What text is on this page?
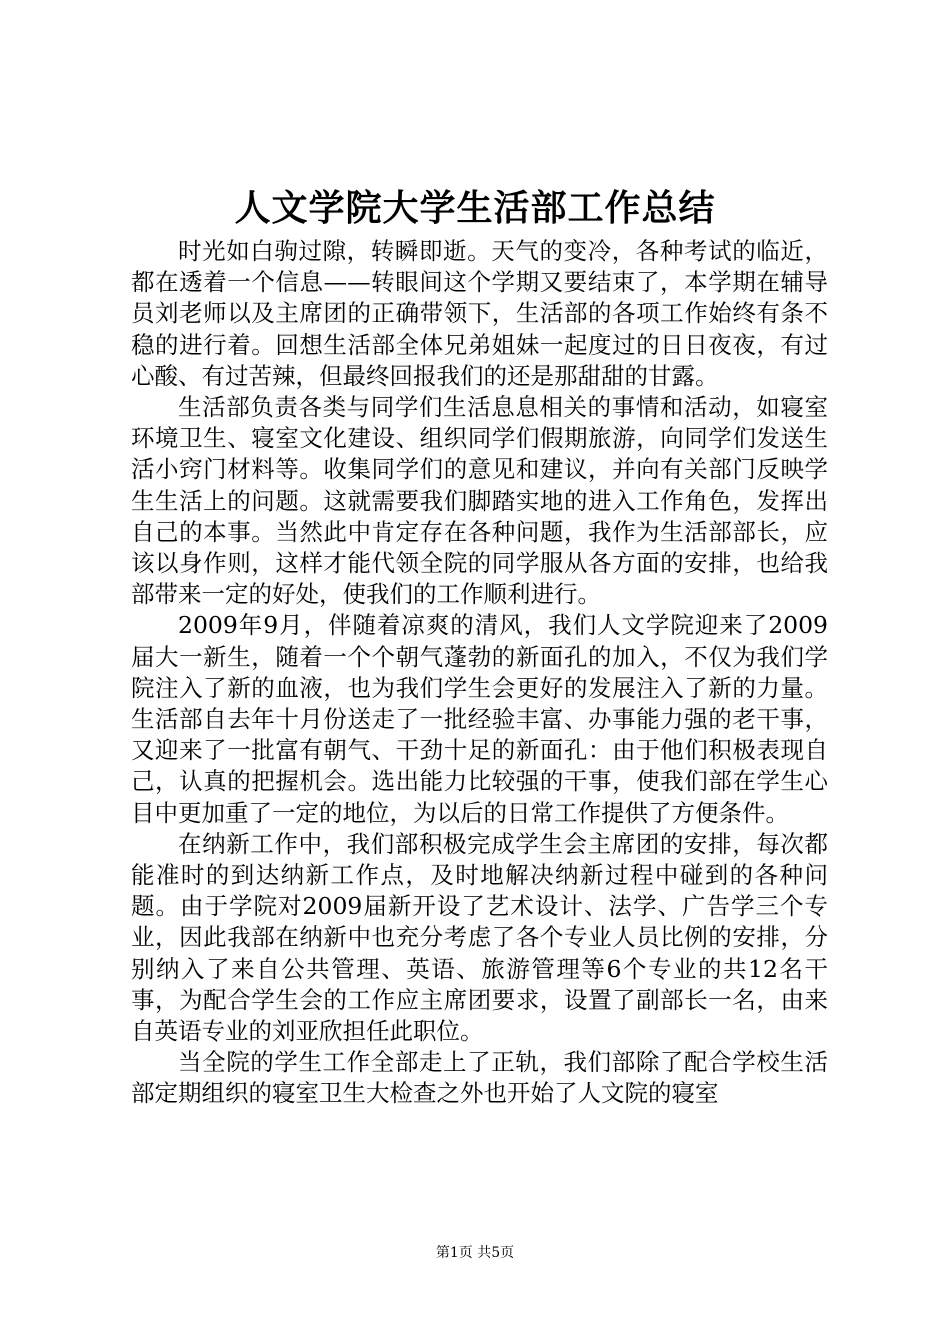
人文学院大学生活部工作总结

时光如白驹过隙，转瞬即逝。天气的变冷，各种考试的临近，都在透着一个信息——转眼间这个学期又要结束了，本学期在辅导员刘老师以及主席团的正确带领下，生活部的各项工作始终有条不稳的进行着。回想生活部全体兄弟姐妹一起度过的日日夜夜，有过心酸、有过苦辣，但最终回报我们的还是那甜甜的甘露。

生活部负责各类与同学们生活息息相关的事情和活动，如寝室环境卫生、寝室文化建设、组织同学们假期旅游，向同学们发送生活小窍门材料等。收集同学们的意见和建议，并向有关部门反映学生生活上的问题。这就需要我们脚踏实地的进入工作角色，发挥出自己的本事。当然此中肯定存在各种问题，我作为生活部部长，应该以身作则，这样才能代领全院的同学服从各方面的安排，也给我部带来一定的好处，使我们的工作顺利进行。

2009年9月，伴随着凉爽的清风，我们人文学院迎来了2009届大一新生，随着一个个朝气蓬勃的新面孔的加入，不仅为我们学院注入了新的血液，也为我们学生会更好的发展注入了新的力量。生活部自去年十月份送走了一批经验丰富、办事能力强的老干事，又迎来了一批富有朝气、干劲十足的新面孔：由于他们积极表现自己，认真的把握机会。选出能力比较强的干事，使我们部在学生心目中更加重了一定的地位，为以后的日常工作提供了方便条件。

在纳新工作中，我们部积极完成学生会主席团的安排，每次都能准时的到达纳新工作点，及时地解决纳新过程中碰到的各种问题。由于学院对2009届新开设了艺术设计、法学、广告学三个专业，因此我部在纳新中也充分考虑了各个专业人员比例的安排，分别纳入了来自公共管理、英语、旅游管理等6个专业的共12名干事，为配合学生会的工作应主席团要求，设置了副部长一名，由来自英语专业的刘亚欣担任此职位。

当全院的学生工作全部走上了正轨，我们部除了配合学校生活部定期组织的寝室卫生大检查之外也开始了人文院的寝室

第1页 共5页
